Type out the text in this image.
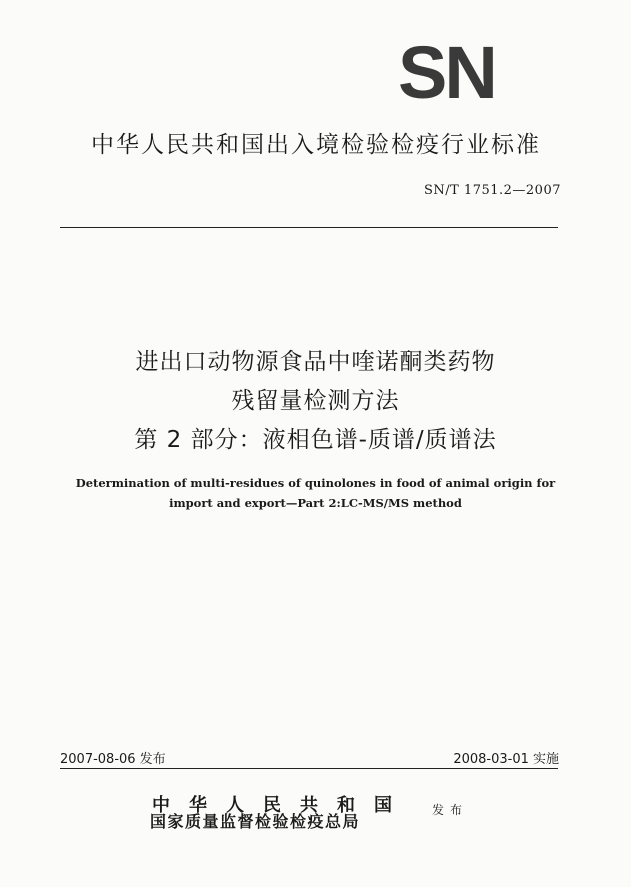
SN
中华人民共和国出入境检验检疫行业标准
SN/T 1751.2—2007
进出口动物源食品中喹诺酮类药物
残留量检测方法
第 2 部分：液相色谱-质谱/质谱法
Determination of multi-residues of quinolones in food of animal origin for
import and export—Part 2:LC-MS/MS method
2007-08-06 发布	2008-03-01 实施
中华人民共和国
国家质量监督检验检疫总局
发布
